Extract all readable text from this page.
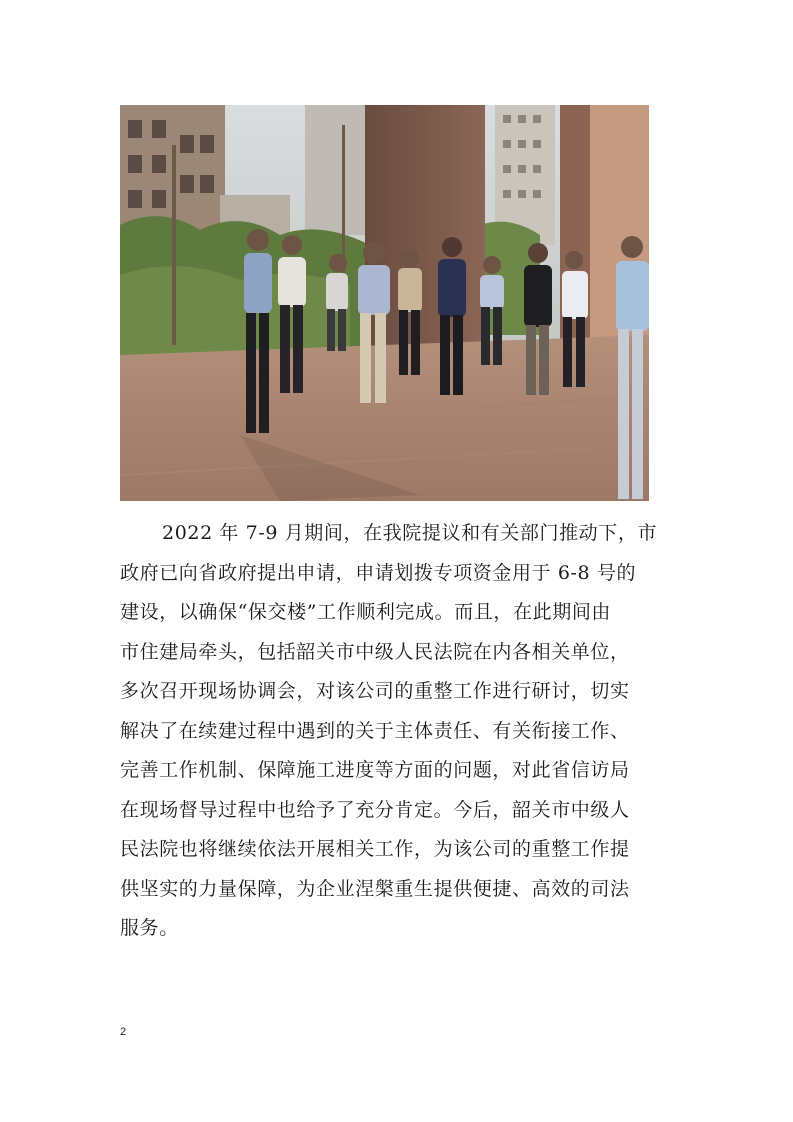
2022 年 7-9 月期间，在我院提议和有关部门推动下，市
政府已向省政府提出申请，申请划拨专项资金用于 6-8 号的
建设，以确保“保交楼”工作顺利完成。而且，在此期间由
市住建局牵头，包括韶关市中级人民法院在内各相关单位，
多次召开现场协调会，对该公司的重整工作进行研讨，切实
解决了在续建过程中遇到的关于主体责任、有关衔接工作、
完善工作机制、保障施工进度等方面的问题，对此省信访局
在现场督导过程中也给予了充分肯定。今后，韶关市中级人
民法院也将继续依法开展相关工作，为该公司的重整工作提
供坚实的力量保障，为企业涅槃重生提供便捷、高效的司法
服务。

2
